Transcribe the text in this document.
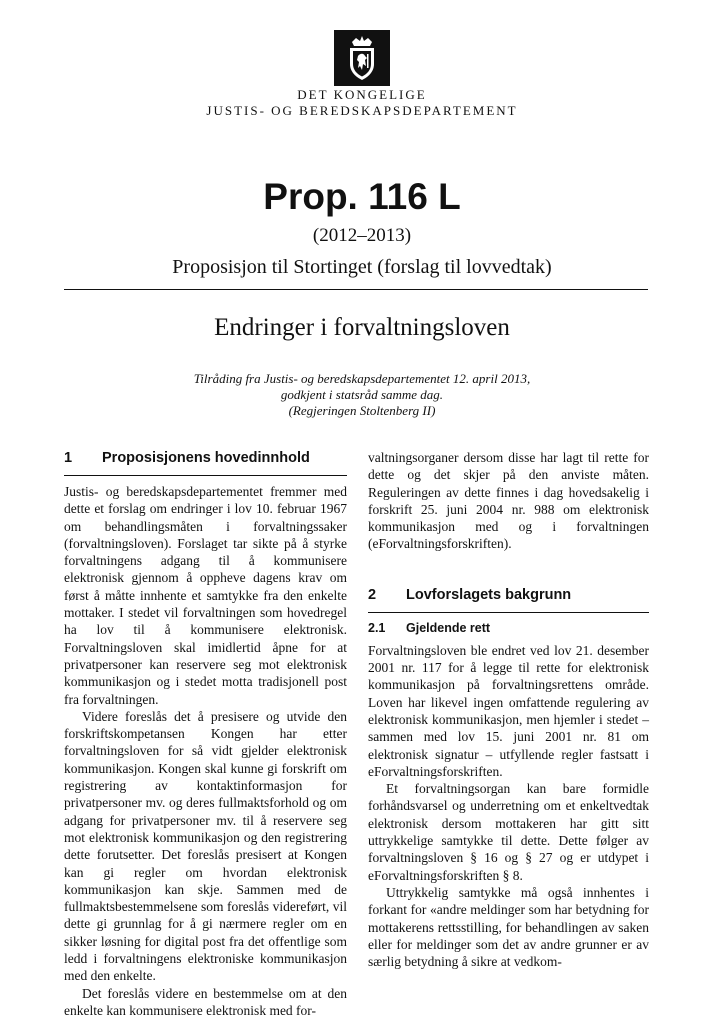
DET KONGELIGE
JUSTIS- OG BEREDSKAPSDEPARTEMENT
Prop. 116 L
(2012–2013)
Proposisjon til Stortinget (forslag til lovvedtak)
Endringer i forvaltningsloven
Tilråding fra Justis- og beredskapsdepartementet 12. april 2013,
godkjent i statsråd samme dag.
(Regjeringen Stoltenberg II)
1 Proposisjonens hovedinnhold

Justis- og beredskapsdepartementet fremmer med dette et forslag om endringer i lov 10. februar 1967 om behandlingsmåten i forvaltningssaker (forvaltningsloven). Forslaget tar sikte på å styrke forvaltningens adgang til å kommunisere elektronisk gjennom å oppheve dagens krav om først å måtte innhente et samtykke fra den enkelte mottaker. I stedet vil forvaltningen som hovedregel ha lov til å kommunisere elektronisk. Forvaltningsloven skal imidlertid åpne for at privatpersoner kan reservere seg mot elektronisk kommunikasjon og i stedet motta tradisjonell post fra forvaltningen.

Videre foreslås det å presisere og utvide den forskriftskompetansen Kongen har etter forvaltningsloven for så vidt gjelder elektronisk kommunikasjon. Kongen skal kunne gi forskrift om registrering av kontaktinformasjon for privatpersoner mv. og deres fullmaktsforhold og om adgang for privatpersoner mv. til å reservere seg mot elektronisk kommunikasjon og den registrering dette forutsetter. Det foreslås presisert at Kongen kan gi regler om hvordan elektronisk kommunikasjon kan skje. Sammen med de fullmaktsbestemmelsene som foreslås videreført, vil dette gi grunnlag for å gi nærmere regler om en sikker løsning for digital post fra det offentlige som ledd i forvaltningens elektroniske kommunikasjon med den enkelte.

Det foreslås videre en bestemmelse om at den enkelte kan kommunisere elektronisk med for-

valtningsorganer dersom disse har lagt til rette for dette og det skjer på den anviste måten. Reguleringen av dette finnes i dag hovedsakelig i forskrift 25. juni 2004 nr. 988 om elektronisk kommunikasjon med og i forvaltningen (eForvaltningsforskriften).

2 Lovforslagets bakgrunn
2.1 Gjeldende rett

Forvaltningsloven ble endret ved lov 21. desember 2001 nr. 117 for å legge til rette for elektronisk kommunikasjon på forvaltningsrettens område. Loven har likevel ingen omfattende regulering av elektronisk kommunikasjon, men hjemler i stedet – sammen med lov 15. juni 2001 nr. 81 om elektronisk signatur – utfyllende regler fastsatt i eForvaltningsforskriften.

Et forvaltningsorgan kan bare formidle forhåndsvarsel og underretning om et enkeltvedtak elektronisk dersom mottakeren har gitt sitt uttrykkelige samtykke til dette. Dette følger av forvaltningsloven § 16 og § 27 og er utdypet i eForvaltningsforskriften § 8.

Uttrykkelig samtykke må også innhentes i forkant for «andre meldinger som har betydning for mottakerens rettsstilling, for behandlingen av saken eller for meldinger som det av andre grunner er av særlig betydning å sikre at vedkom-
